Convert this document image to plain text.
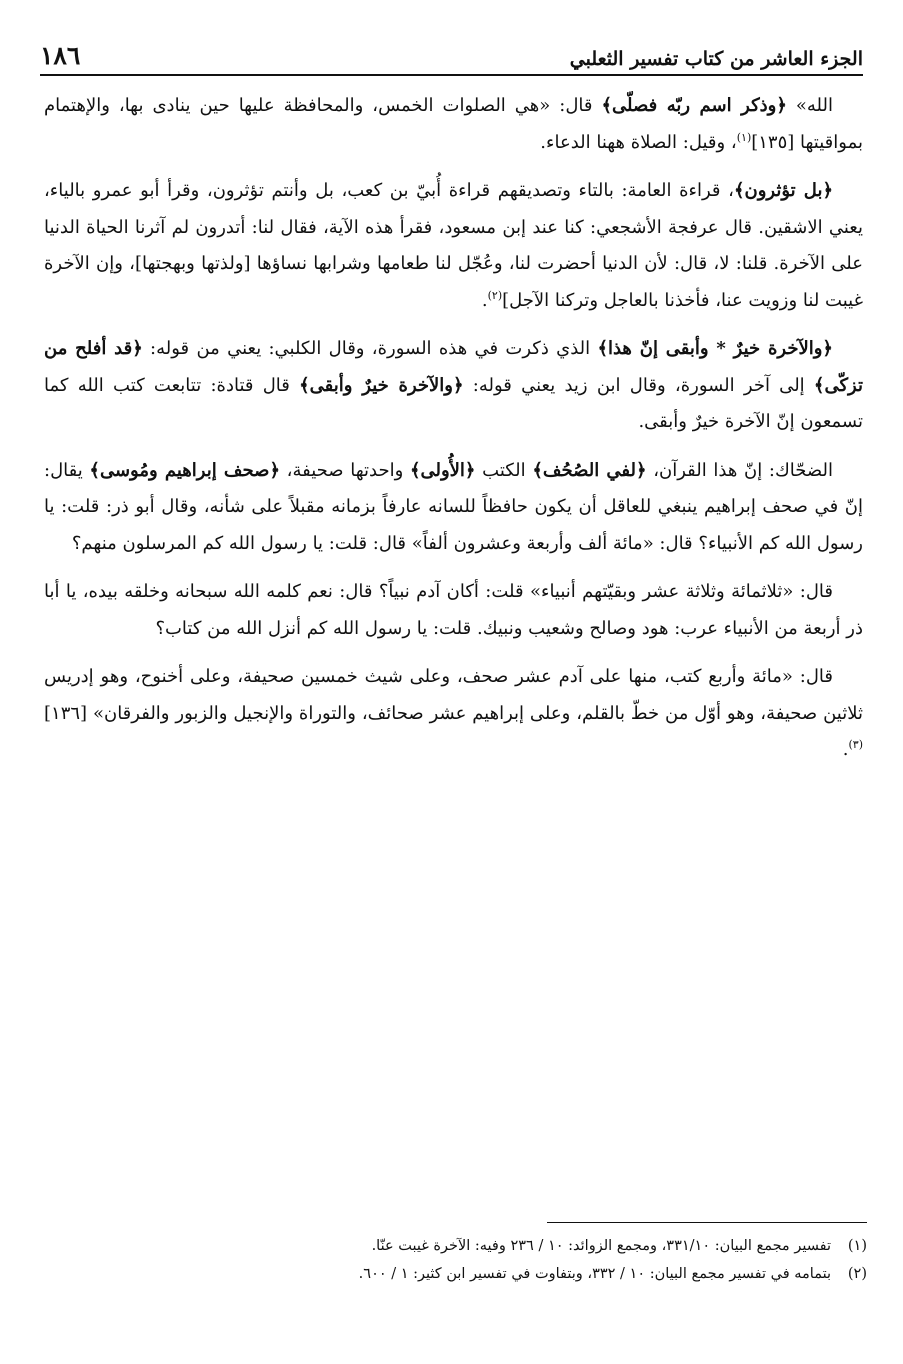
الجزء العاشر من كتاب تفسير الثعلبي
١٨٦

الله» ﴿وذكر اسم ربّه فصلّى﴾ قال: «هي الصلوات الخمس، والمحافظة عليها حين ينادى بها، والإهتمام بمواقيتها [١٣٥]$^{(١)}$، وقيل: الصلاة ههنا الدعاء.

﴿بل تؤثرون﴾، قراءة العامة: بالتاء وتصديقهم قراءة أُبيّ بن كعب، بل وأنتم تؤثرون، وقرأ أبو عمرو بالياء، يعني الاشقين. قال عرفجة الأشجعي: كنا عند إبن مسعود، فقرأ هذه الآية، فقال لنا: أتدرون لم آثرنا الحياة الدنيا على الآخرة. قلنا: لا، قال: لأن الدنيا أحضرت لنا، وعُجّل لنا طعامها وشرابها نساؤها [ولذتها وبهجتها]، وإن الآخرة غيبت لنا وزويت عنا، فأخذنا بالعاجل وتركنا الآجل]$^{(٢)}$.

﴿والآخرة خيرٌ * وأبقى إنّ هذا﴾ الذي ذكرت في هذه السورة، وقال الكلبي: يعني من قوله: ﴿قد أفلح من تزكّى﴾ إلى آخر السورة، وقال ابن زيد يعني قوله: ﴿والآخرة خيرٌ وأبقى﴾ قال قتادة: تتابعت كتب الله كما تسمعون إنّ الآخرة خيرٌ وأبقى.

الضحّاك: إنّ هذا القرآن، ﴿لفي الصُحُف﴾ الكتب ﴿الأُولى﴾ واحدتها صحيفة، ﴿صحف إبراهيم ومُوسى﴾ يقال: إنّ في صحف إبراهيم ينبغي للعاقل أن يكون حافظاً للسانه عارفاً بزمانه مقبلاً على شأنه، وقال أبو ذر: قلت: يا رسول الله كم الأنبياء؟ قال: «مائة ألف وأربعة وعشرون ألفاً» قال: قلت: يا رسول الله كم المرسلون منهم؟

قال: «ثلاثمائة وثلاثة عشر وبقيّتهم أنبياء» قلت: أكان آدم نبياً؟ قال: نعم كلمه الله سبحانه وخلقه بيده، يا أبا ذر أربعة من الأنبياء عرب: هود وصالح وشعيب ونبيك. قلت: يا رسول الله كم أنزل الله من كتاب؟

قال: «مائة وأربع كتب، منها على آدم عشر صحف، وعلى شيث خمسين صحيفة، وعلى أخنوح، وهو إدريس ثلاثين صحيفة، وهو أوّل من خطّ بالقلم، وعلى إبراهيم عشر صحائف، والتوراة والإنجيل والزبور والفرقان» [١٣٦]$^{(٣)}$.

(١)
تفسير مجمع البيان: ٣٣١/١٠، ومجمع الزوائد: ١٠ / ٢٣٦ وفيه: الآخرة غيبت عنّا.
(٢)
بتمامه في تفسير مجمع البيان: ١٠ / ٣٣٢، وبتفاوت في تفسير ابن كثير: ١ / ٦٠٠.
